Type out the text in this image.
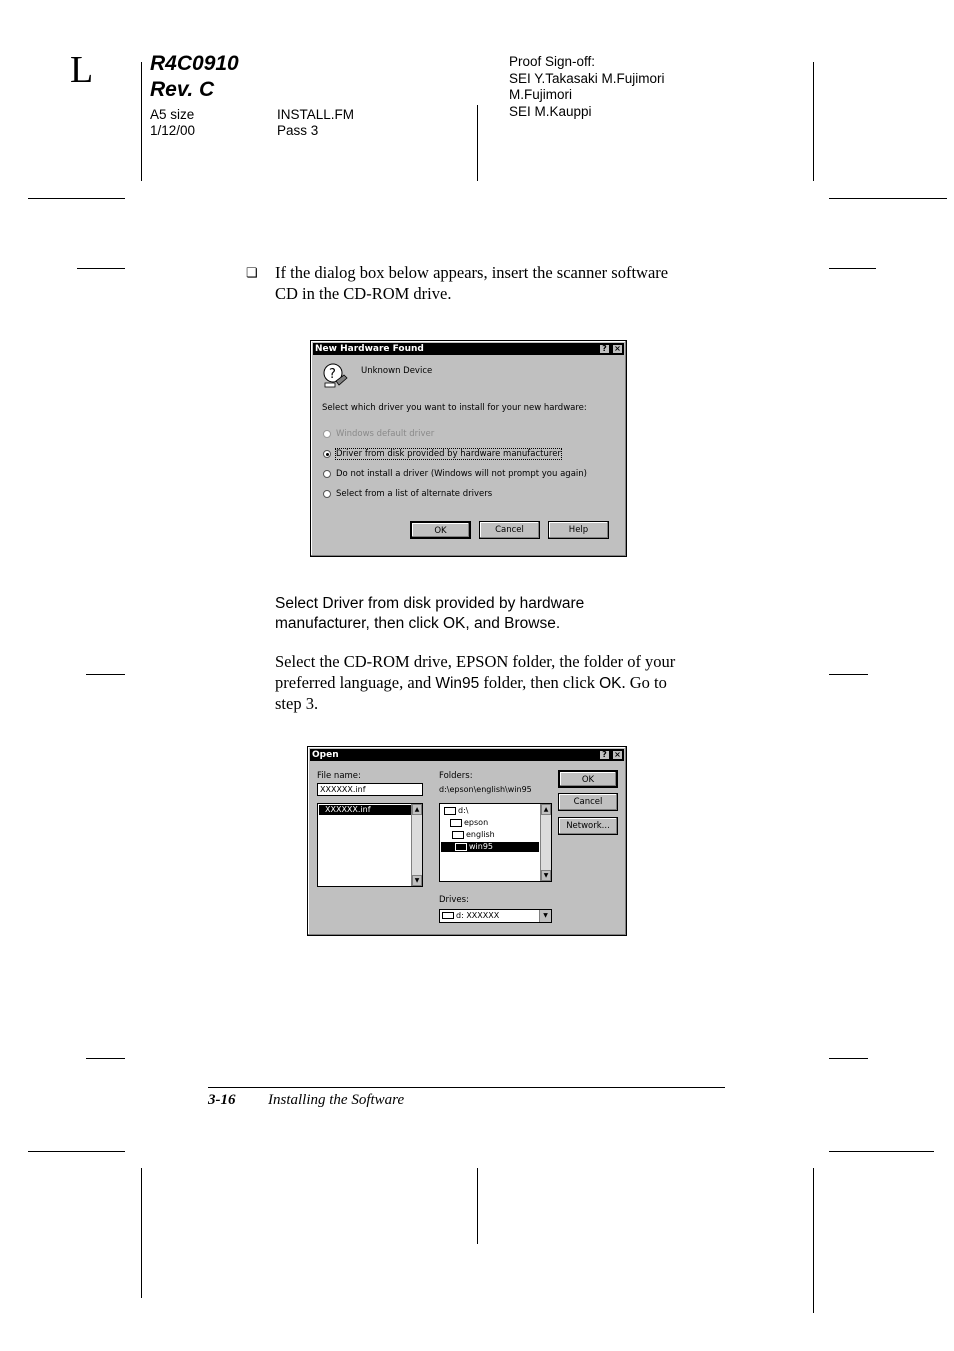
L	R4C0910
Rev. C
A5 size
1/12/00
INSTALL.FM
Pass 3
Proof Sign-off:
SEI Y.Takasaki M.Fujimori
M.Fujimori
SEI M.Kauppi
❏ If the dialog box below appears, insert the scanner software
CD in the CD-ROM drive.
New Hardware Found	? ×
?	Unknown Device
Select which driver you want to install for your new hardware:
Windows default driver
Driver from disk provided by hardware manufacturer
Do not install a driver (Windows will not prompt you again)
Select from a list of alternate drivers
OK	Cancel	Help
Select Driver from disk provided by hardware
manufacturer, then click OK, and Browse.
Select the CD-ROM drive, EPSON folder, the folder of your
preferred language, and Win95 folder, then click OK. Go to
step 3.
Open	? ×
File name:
XXXXXX.inf
XXXXXX.inf	▲
▼
Folders:
d:\epson\english\win95
d:\
epson
english
win95
▲
▼
Drives:
d: XXXXXX	▼
OK
Cancel
Network...
3-16 Installing the Software
